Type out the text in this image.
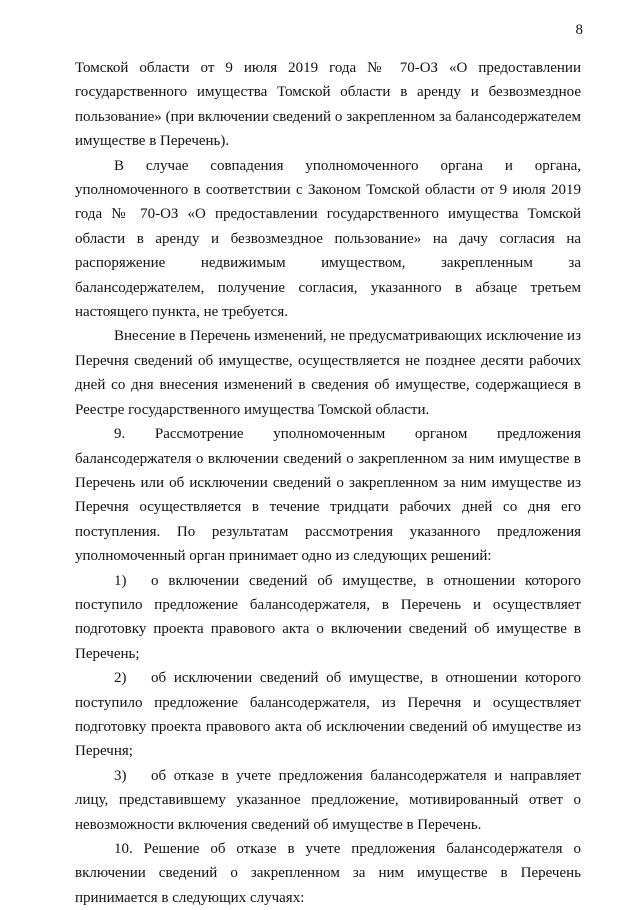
8

Томской области от 9 июля 2019 года № 70-ОЗ «О предоставлении государственного имущества Томской области в аренду и безвозмездное пользование» (при включении сведений о закрепленном за балансодержателем имуществе в Перечень).

В случае совпадения уполномоченного органа и органа, уполномоченного в соответствии с Законом Томской области от 9 июля 2019 года № 70-ОЗ «О предоставлении государственного имущества Томской области в аренду и безвозмездное пользование» на дачу согласия на распоряжение недвижимым имуществом, закрепленным за балансодержателем, получение согласия, указанного в абзаце третьем настоящего пункта, не требуется.

Внесение в Перечень изменений, не предусматривающих исключение из Перечня сведений об имуществе, осуществляется не позднее десяти рабочих дней со дня внесения изменений в сведения об имуществе, содержащиеся в Реестре государственного имущества Томской области.

9. Рассмотрение уполномоченным органом предложения балансодержателя о включении сведений о закрепленном за ним имуществе в Перечень или об исключении сведений о закрепленном за ним имуществе из Перечня осуществляется в течение тридцати рабочих дней со дня его поступления. По результатам рассмотрения указанного предложения уполномоченный орган принимает одно из следующих решений:

1) о включении сведений об имуществе, в отношении которого поступило предложение балансодержателя, в Перечень и осуществляет подготовку проекта правового акта о включении сведений об имуществе в Перечень;

2) об исключении сведений об имуществе, в отношении которого поступило предложение балансодержателя, из Перечня и осуществляет подготовку проекта правового акта об исключении сведений об имуществе из Перечня;

3) об отказе в учете предложения балансодержателя и направляет лицу, представившему указанное предложение, мотивированный ответ о невозможности включения сведений об имуществе в Перечень.

10. Решение об отказе в учете предложения балансодержателя о включении сведений о закрепленном за ним имуществе в Перечень принимается в следующих случаях:
